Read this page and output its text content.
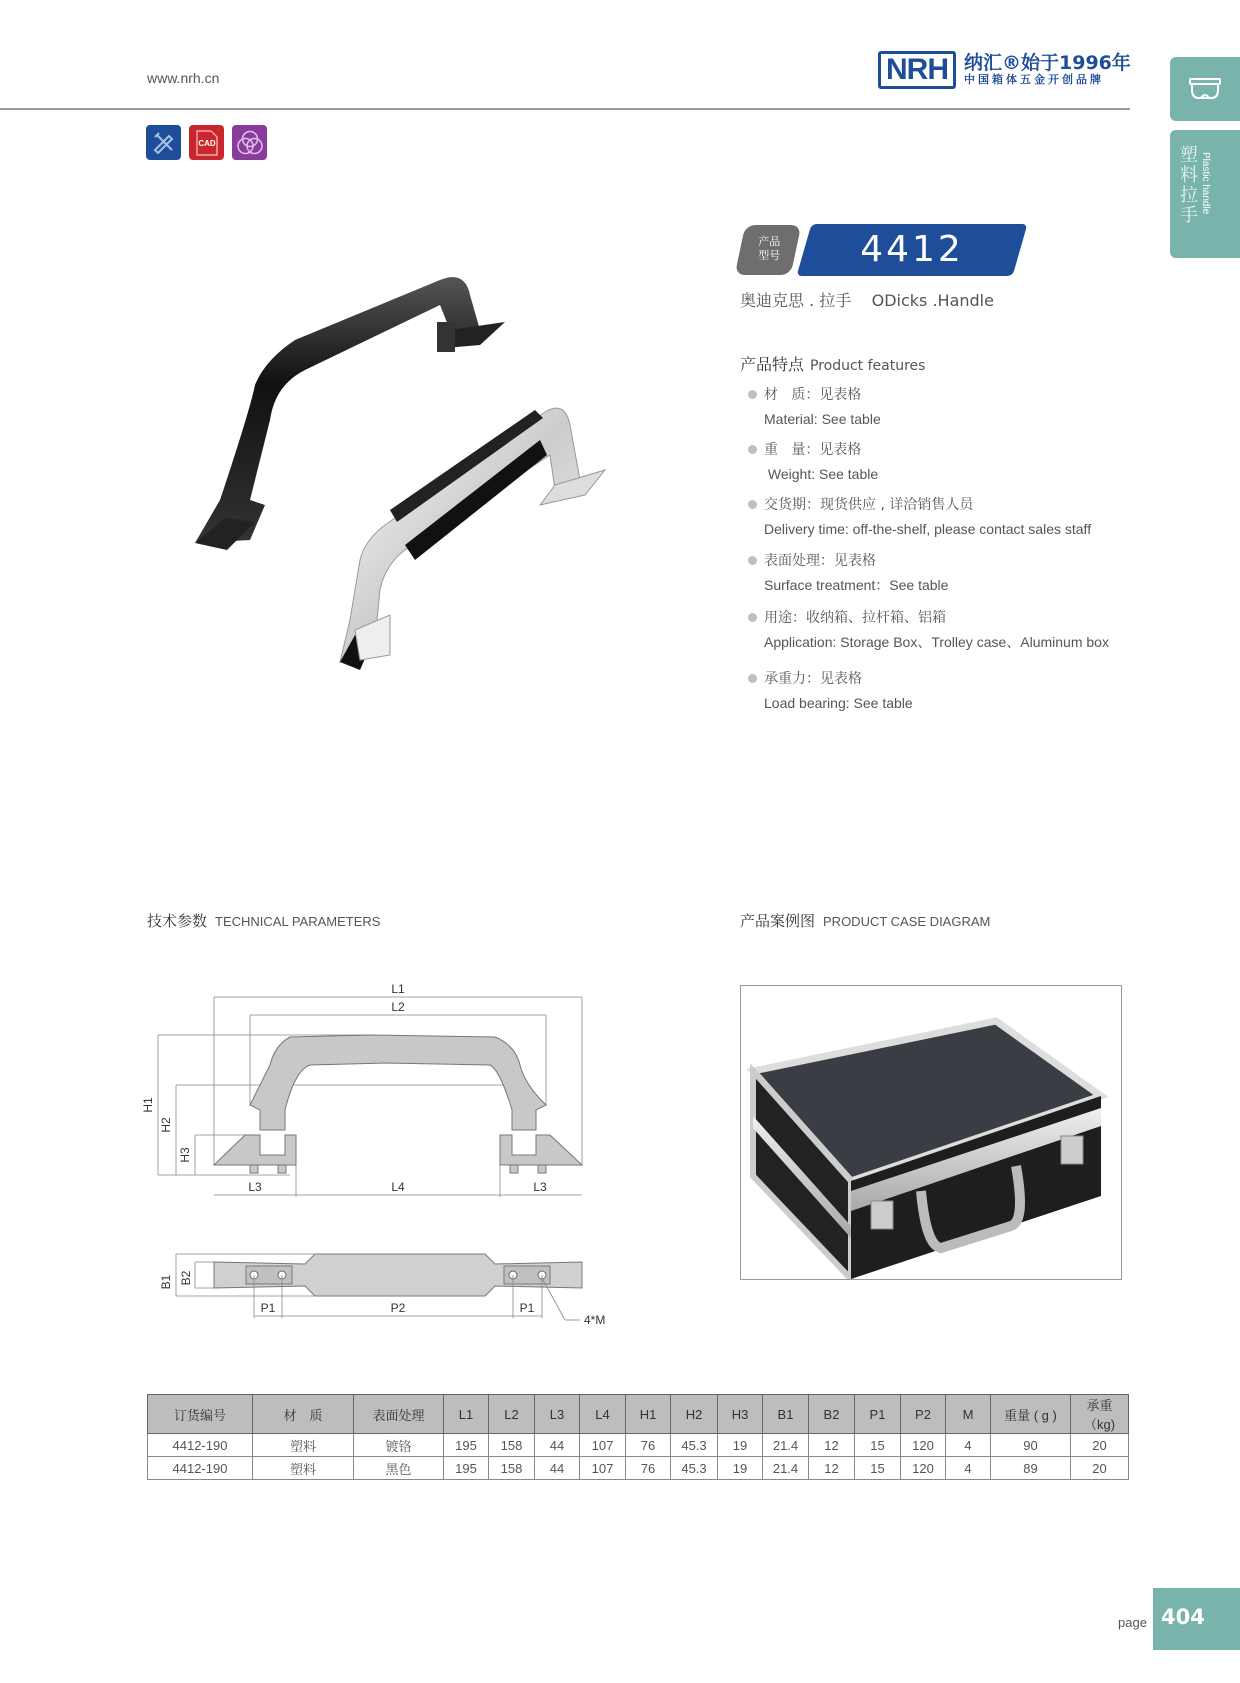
www.nrh.cn	NRH 纳汇®始于1996年
中国箱体五金开创品牌
CAD
塑料拉手
Plastic handle
产品
型号	4412
奥迪克思 . 拉手    ODicks .Handle
产品特点 Product features
材   质：见表格
Material: See table
重   量：见表格
Weight: See table
交货期：现货供应 , 详洽销售人员
Delivery time: off-the-shelf, please contact sales staff
表面处理：见表格
Surface treatment：See table
用途：收纳箱、拉杆箱、铝箱
Application: Storage Box、Trolley case、Aluminum box
承重力：见表格
Load bearing: See table
技术参数 TECHNICAL PARAMETERS	产品案例图 PRODUCT CASE DIAGRAM
L1
L2
L3	L4	L3
H1
H2
H3
B1 B2
P1	P2	P1
4*M
订货编号	材　质	表面处理	L1	L2	L3	L4	H1	H2	H3	B1	B2	P1	P2	M	重量 ( g )	承重（kg)
4412-190	塑料	镀铬	195	158	44	107	76	45.3	19	21.4	12	15	120	4	90	20
4412-190	塑料	黑色	195	158	44	107	76	45.3	19	21.4	12	15	120	4	89	20
page 404
